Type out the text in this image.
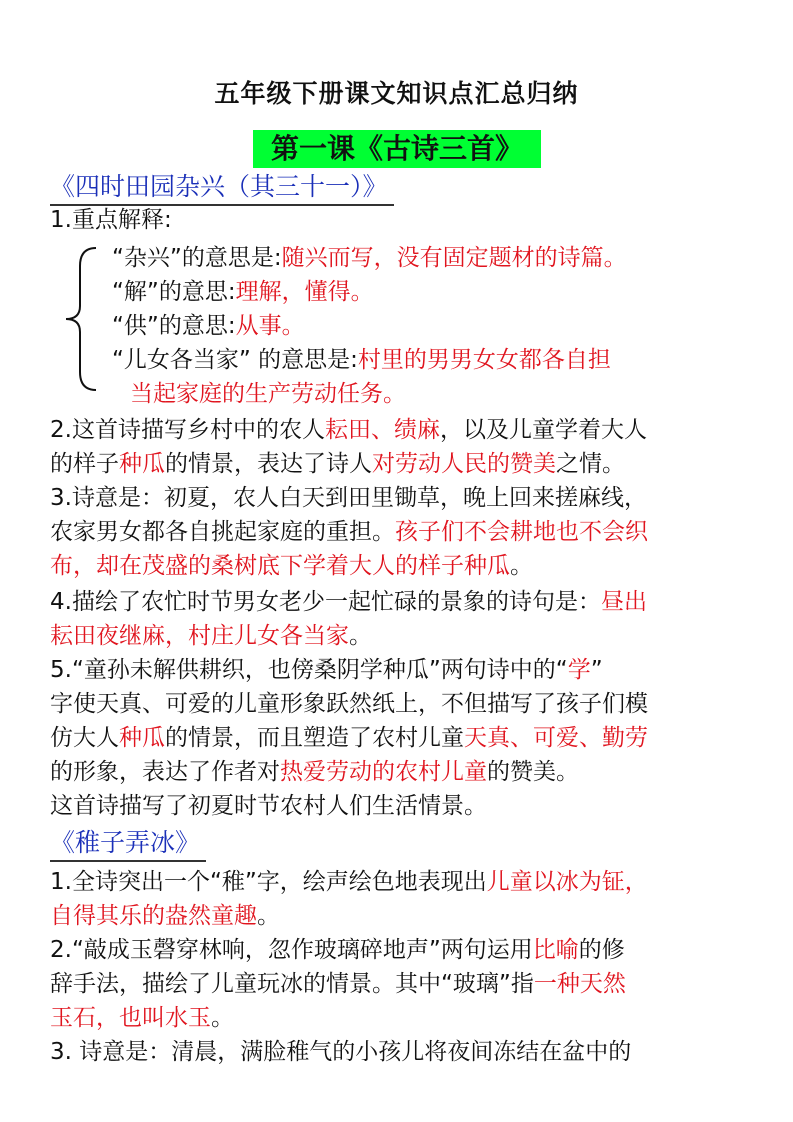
五年级下册课文知识点汇总归纳
第一课《古诗三首》
《四时田园杂兴（其三十一）》
1.重点解释:
“杂兴”的意思是:随兴而写，没有固定题材的诗篇。
“解”的意思:理解，懂得。
“供”的意思:从事。
“儿女各当家” 的意思是:村里的男男女女都各自担
当起家庭的生产劳动任务。
2.这首诗描写乡村中的农人耘田、绩麻，以及儿童学着大人
的样子种瓜的情景，表达了诗人对劳动人民的赞美之情。
3.诗意是：初夏，农人白天到田里锄草，晚上回来搓麻线，
农家男女都各自挑起家庭的重担。孩子们不会耕地也不会织
布，却在茂盛的桑树底下学着大人的样子种瓜。
4.描绘了农忙时节男女老少一起忙碌的景象的诗句是：昼出
耘田夜继麻，村庄儿女各当家。
5.“童孙未解供耕织，也傍桑阴学种瓜”两句诗中的“学”
字使天真、可爱的儿童形象跃然纸上，不但描写了孩子们模
仿大人种瓜的情景，而且塑造了农村儿童天真、可爱、勤劳
的形象，表达了作者对热爱劳动的农村儿童的赞美。
这首诗描写了初夏时节农村人们生活情景。
《稚子弄冰》
1.全诗突出一个“稚”字，绘声绘色地表现出儿童以冰为钲，
自得其乐的盎然童趣。
2.“敲成玉磬穿林响，忽作玻璃碎地声”两句运用比喻的修
辞手法，描绘了儿童玩冰的情景。其中“玻璃”指一种天然
玉石，也叫水玉。
3. 诗意是：清晨，满脸稚气的小孩儿将夜间冻结在盆中的
